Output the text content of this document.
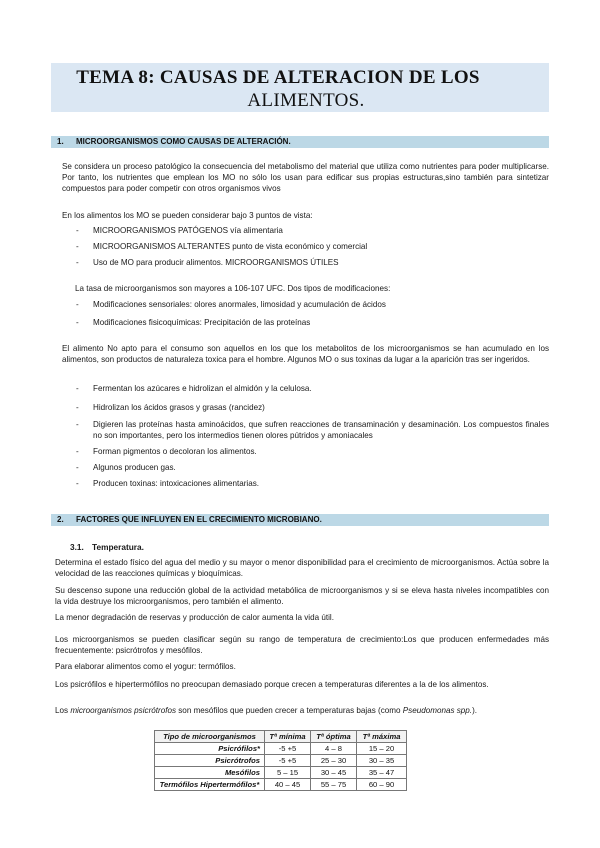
TEMA 8: CAUSAS DE ALTERACION DE LOS
ALIMENTOS.
1. MICROORGANISMOS COMO CAUSAS DE ALTERACIÓN.
Se considera un proceso patológico la consecuencia del metabolismo del material que utiliza como nutrientes para poder multiplicarse. Por tanto, los nutrientes que emplean los MO no sólo los usan para edificar sus propias estructuras,sino también para sintetizar compuestos para poder competir con otros organismos vivos
En los alimentos los MO se pueden considerar bajo 3 puntos de vista:
- MICROORGANISMOS PATÓGENOS vía alimentaria
- MICROORGANISMOS ALTERANTES punto de vista económico y comercial
- Uso de MO para producir alimentos. MICROORGANISMOS ÚTILES
La tasa de microorganismos son mayores a 106-107 UFC. Dos tipos de modificaciones:
- Modificaciones sensoriales: olores anormales, limosidad y acumulación de ácidos
- Modificaciones fisicoquímicas: Precipitación de las proteínas
El alimento No apto para el consumo son aquellos en los que los metabolitos de los microorganismos se han acumulado en los alimentos, son productos de naturaleza toxica para el hombre. Algunos MO o sus toxinas da lugar a la aparición tras ser ingeridos.
- Fermentan los azúcares e hidrolizan el almidón y la celulosa.
- Hidrolizan los ácidos grasos y grasas (rancidez)
- Digieren las proteínas hasta aminoácidos, que sufren reacciones de transaminación y desaminación. Los compuestos finales no son importantes, pero los intermedios tienen olores pútridos y amoniacales
- Forman pigmentos o decoloran los alimentos.
- Algunos producen gas.
- Producen toxinas: intoxicaciones alimentarias.
2. FACTORES QUE INFLUYEN EN EL CRECIMIENTO MICROBIANO.
3.1. Temperatura.
Determina el estado físico del agua del medio y su mayor o menor disponibilidad para el crecimiento de microorganismos. Actúa sobre la velocidad de las reacciones químicas y bioquímicas.
Su descenso supone una reducción global de la actividad metabólica de microorganismos y si se eleva hasta niveles incompatibles con la vida destruye los microorganismos, pero también el alimento.
La menor degradación de reservas y producción de calor aumenta la vida útil.
Los microorganismos se pueden clasificar según su rango de temperatura de crecimiento:Los que producen enfermedades más frecuentemente: psicrótrofos y mesófilos.
Para elaborar alimentos como el yogur: termófilos.
Los psicrófilos e hipertermófilos no preocupan demasiado porque crecen a temperaturas diferentes a la de los alimentos.
Los microorganismos psicrótrofos son mesófilos que pueden crecer a temperaturas bajas (como Pseudomonas spp.).
Tipo de microorganismos	Tª mínima	Tª óptima	Tª máxima
Psicrófilos*	-5 +5	4 – 8	15 – 20
Psicrótrofos	-5 +5	25 – 30	30 – 35
Mesófilos	5 – 15	30 – 45	35 – 47
Termófilos Hipertermófilos*	40 – 45	55 – 75	60 – 90
